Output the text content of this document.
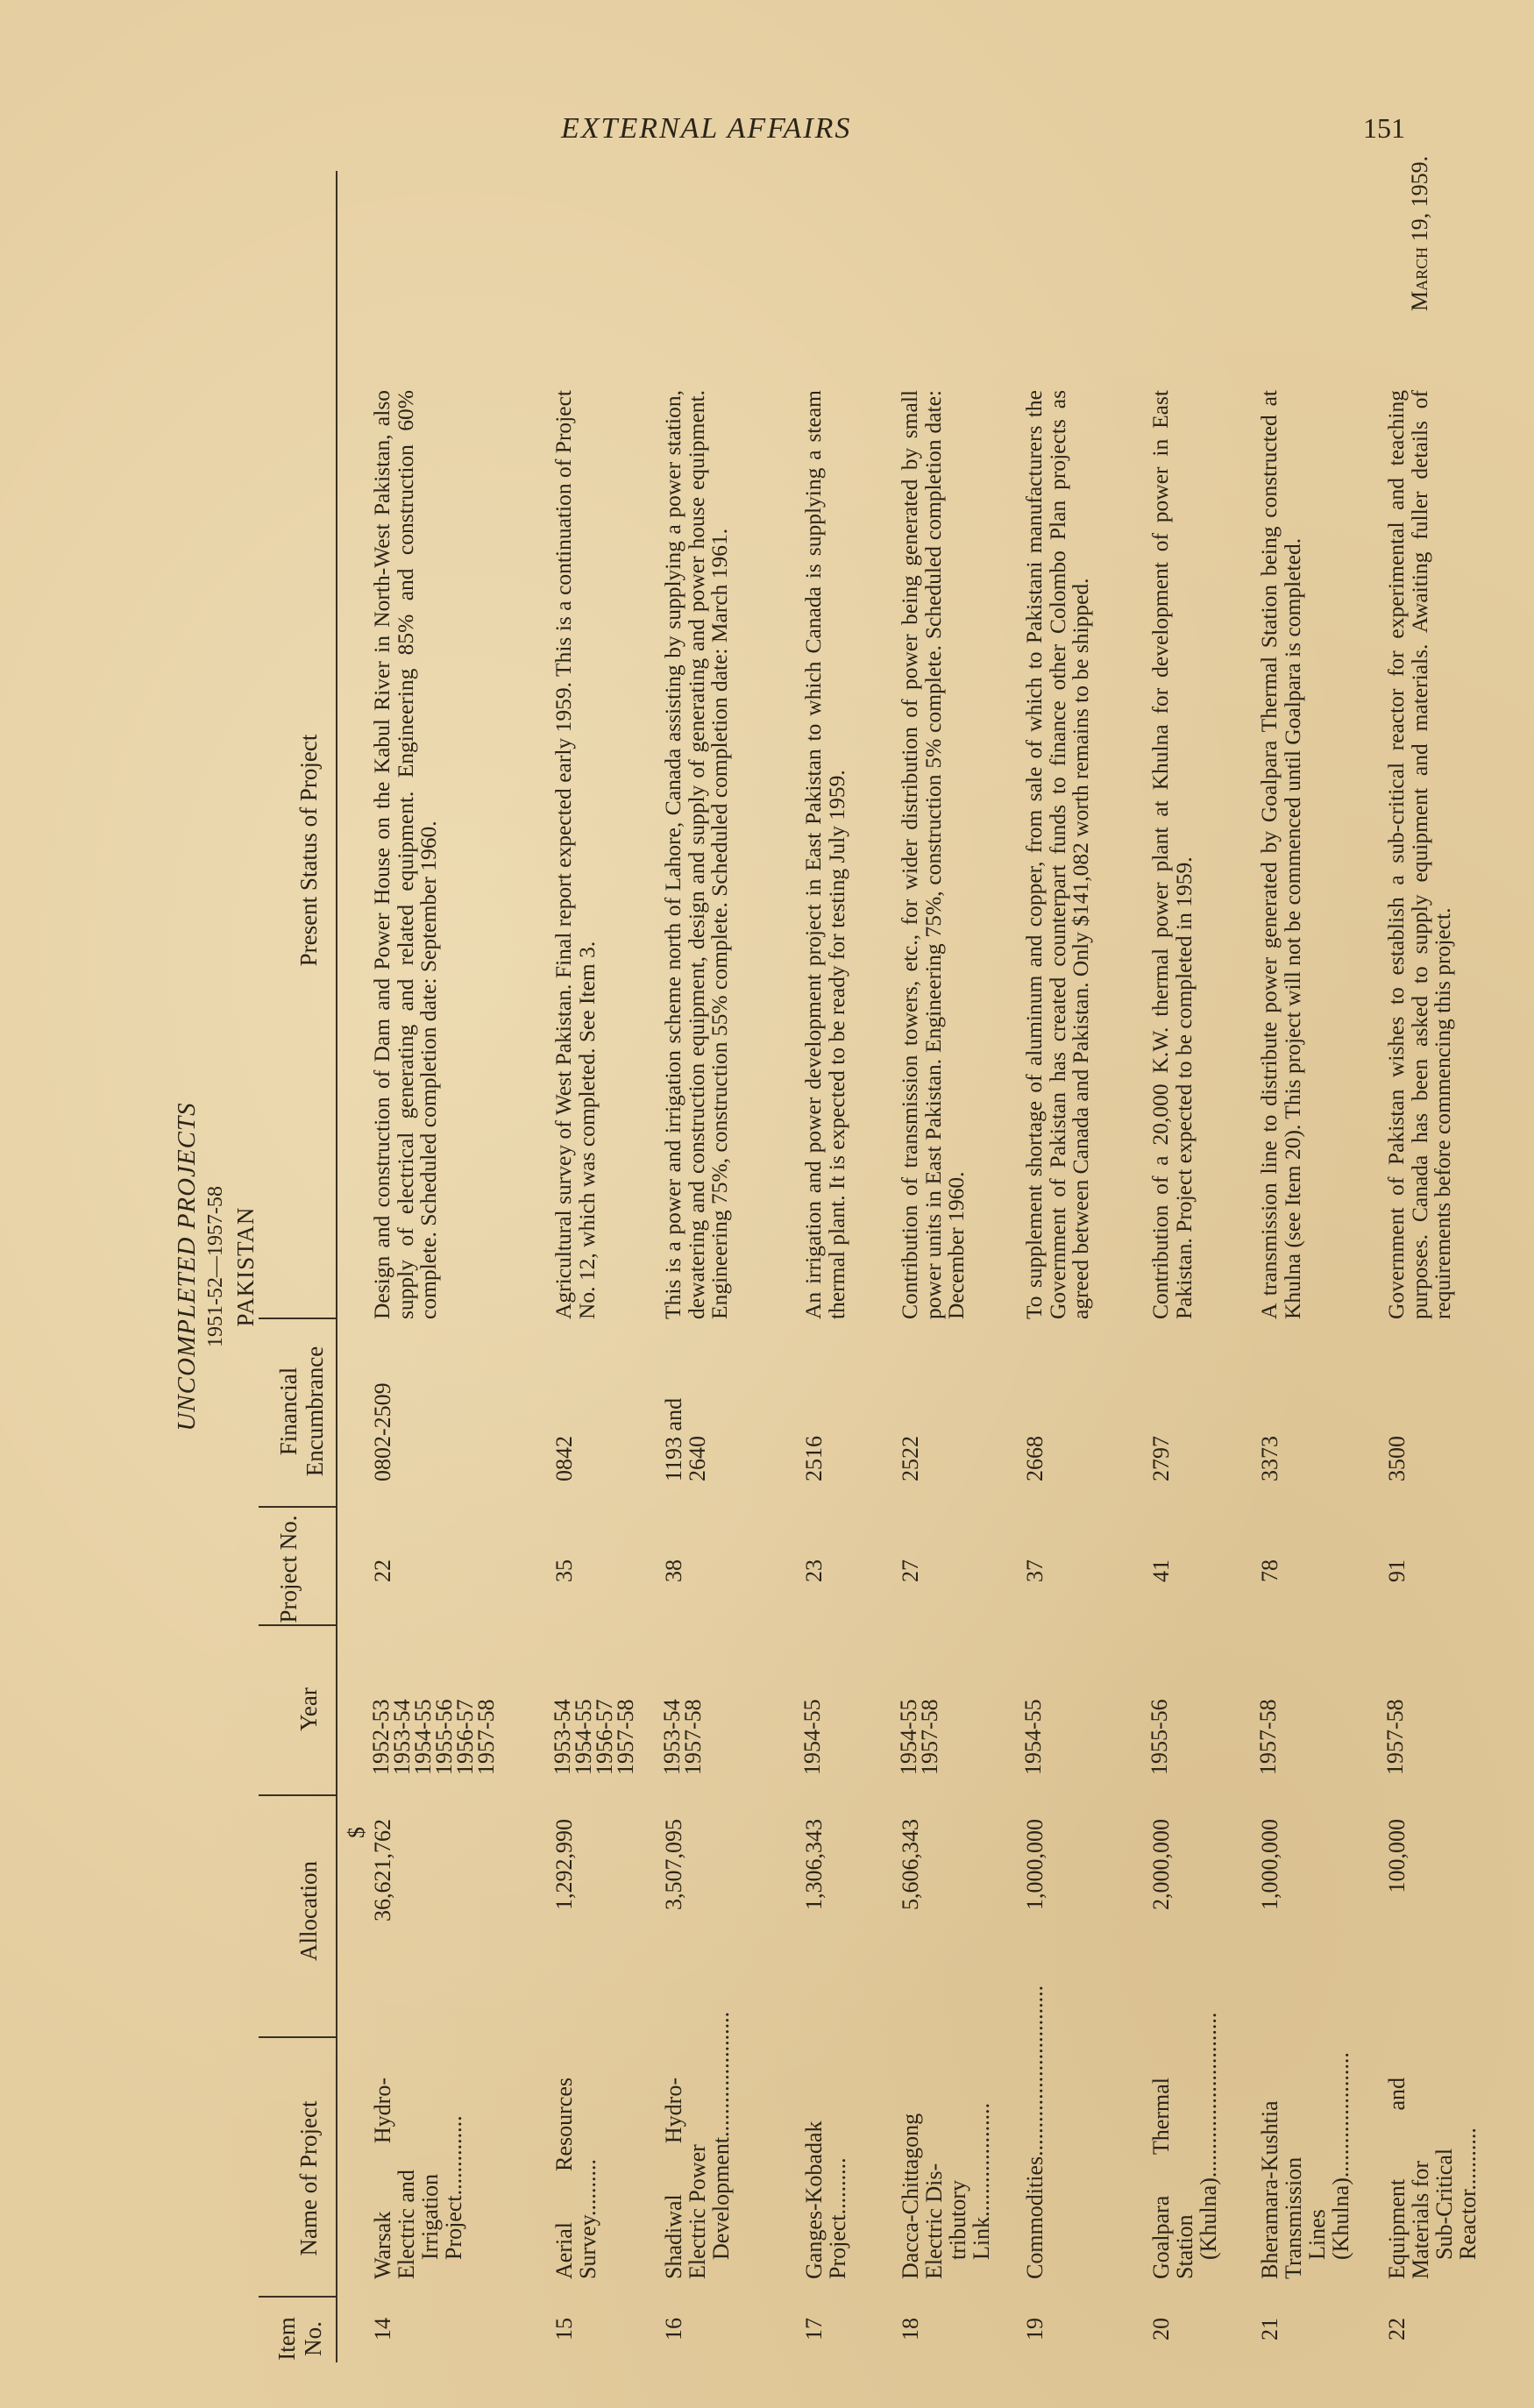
EXTERNAL AFFAIRS	151
March 19, 1959.
UNCOMPLETED PROJECTS 1951-52—1957-58 PAKISTAN
Item No.
Name of Project
Allocation
Year
Project No.
Financial Encumbrance
Present Status of Project
$
14
Warsak Hydro-Electric and
Irrigation Project..............
36,621,762
1952-53
1953-54
1954-55
1955-56
1956-57
1957-58
22
0802-2509
Design and construction of Dam and Power House on the Kabul River in North-West Pakistan, also supply of electrical generating and related equipment. Engineering 85% and construction 60% complete. Scheduled completion date: September 1960.
15
Aerial Resources Survey..........
1,292,990
1953-54
1954-55
1956-57
1957-58
35
0842
Agricultural survey of West Pakistan. Final report expected early 1959. This is a continuation of Project No. 12, which was completed. See Item 3.
16
Shadiwal Hydro-Electric Power
Development......................
3,507,095
1953-54
1957-58
38
1193 and 2640
This is a power and irrigation scheme north of Lahore, Canada assisting by supplying a power station, dewatering and construction equipment, design and supply of generating and power house equipment. Engineering 75%, construction 55% complete. Scheduled completion date: March 1961.
17
Ganges-Kobadak Project..........
1,306,343
1954-55
23
2516
An irrigation and power development project in East Pakistan to which Canada is supplying a steam thermal plant. It is expected to be ready for testing July 1959.
18
Dacca-Chittagong Electric Dis-
tributory Link....................
5,606,343
1954-55
1957-58
27
2522
Contribution of transmission towers, etc., for wider distribution of power being generated by small power units in East Pakistan. Engineering 75%, construction 5% complete. Scheduled completion date: December 1960.
19
Commodities..............................
1,000,000
1954-55
37
2668
To supplement shortage of aluminum and copper, from sale of which to Pakistani manufacturers the Government of Pakistan has created counterpart funds to finance other Colombo Plan projects as agreed between Canada and Pakistan. Only $141,082 worth remains to be shipped.
20
Goalpara Thermal Station
(Khulna).............................
2,000,000
1955-56
41
2797
Contribution of a 20,000 K.W. thermal power plant at Khulna for development of power in East Pakistan. Project expected to be completed in 1959.
21
Bheramara-Kushtia Transmission
Lines (Khulna)......................
1,000,000
1957-58
78
3373
A transmission line to distribute power generated by Goalpara Thermal Station being constructed at Khulna (see Item 20). This project will not be commenced until Goalpara is completed.
22
Equipment and Materials for
Sub-Critical Reactor...........
100,000
1957-58
91
3500
Government of Pakistan wishes to establish a sub-critical reactor for experimental and teaching purposes. Canada has been asked to supply equipment and materials. Awaiting fuller details of requirements before commencing this project.
